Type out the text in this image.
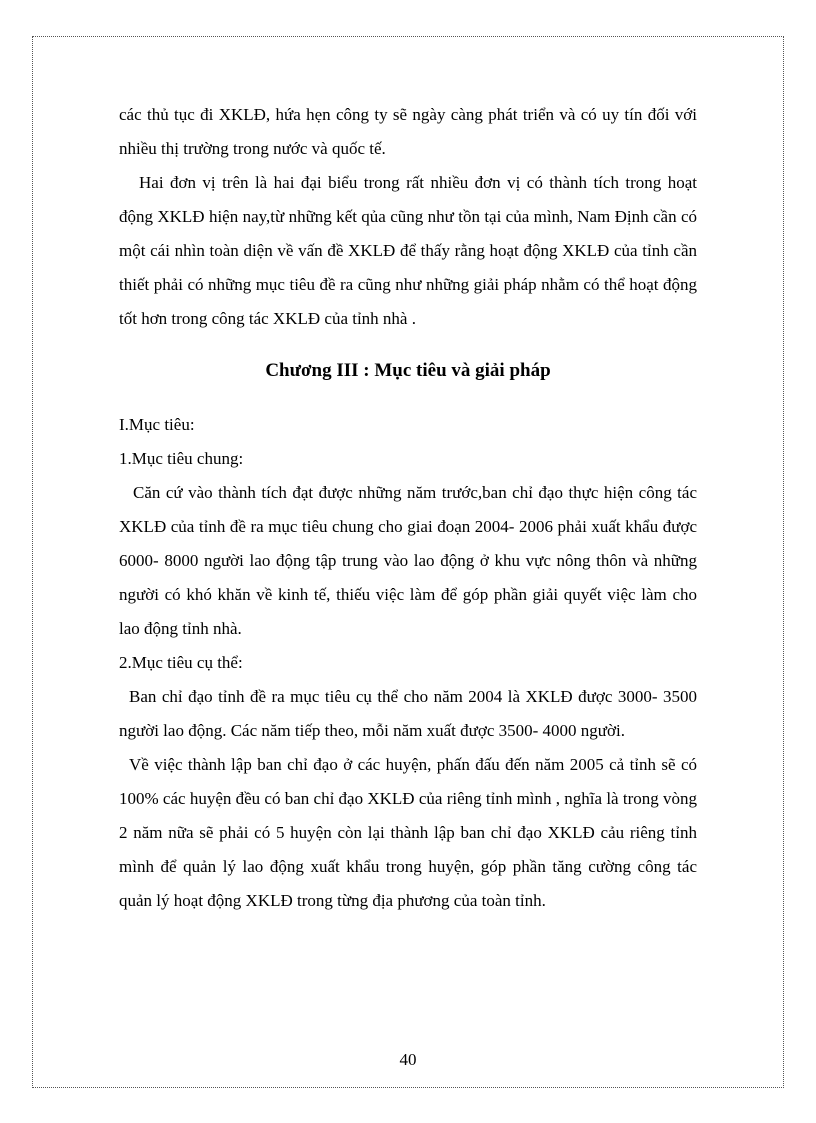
các thủ tục đi XKLĐ, hứa hẹn công ty sẽ ngày càng phát triển và có uy tín đối với nhiều thị trường trong nước và quốc tế.

Hai đơn vị trên là hai đại biểu trong rất nhiều đơn vị có thành tích trong hoạt động XKLĐ hiện nay,từ những kết qủa cũng như tồn tại của mình, Nam Định cần có một cái nhìn toàn diện về vấn đề XKLĐ để thấy rằng hoạt động XKLĐ của tỉnh cần thiết phải có những mục tiêu đề ra cũng như những giải pháp nhằm có thể hoạt động tốt hơn trong công tác XKLĐ của tỉnh nhà .

Chương III : Mục tiêu và giải pháp

I.Mục tiêu:

1.Mục tiêu chung:

Căn cứ vào thành tích đạt được những năm trước,ban chỉ đạo thực hiện công tác XKLĐ của tỉnh đề ra mục tiêu chung cho giai đoạn 2004- 2006 phải xuất khẩu được 6000- 8000 người lao động tập trung vào lao động ở khu vực nông thôn và những người có khó khăn về kinh tế, thiếu việc làm để góp phần giải quyết việc làm cho lao động tỉnh nhà.

2.Mục tiêu cụ thể:

Ban chỉ đạo tỉnh đề ra mục tiêu cụ thể cho năm 2004 là XKLĐ được 3000- 3500 người lao động. Các năm tiếp theo, mỗi năm xuất được 3500- 4000 người.

Về việc thành lập ban chỉ đạo ở các huyện, phấn đấu đến năm 2005 cả tỉnh sẽ có 100% các huyện đều có ban chỉ đạo XKLĐ của riêng tỉnh mình , nghĩa là trong vòng 2 năm nữa sẽ phải có 5 huyện còn lại thành lập ban chỉ đạo XKLĐ cảu riêng tỉnh mình để quản lý lao động xuất khẩu trong huyện, góp phần tăng cường công tác quản lý hoạt động XKLĐ trong từng địa phương của toàn tỉnh.

40
